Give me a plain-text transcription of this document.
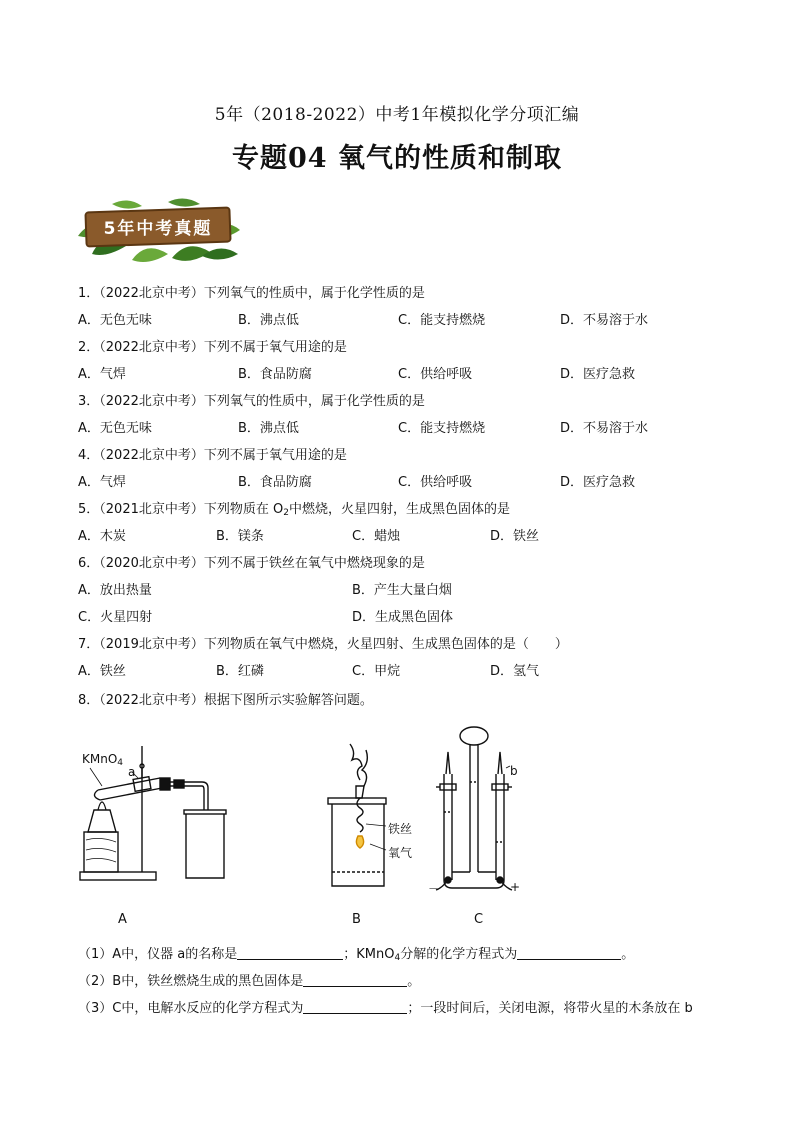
5年（2018-2022）中考1年模拟化学分项汇编
专题04 氧气的性质和制取
5年中考真题
1．（2022北京中考）下列氧气的性质中，属于化学性质的是
A．无色无味	B．沸点低	C．能支持燃烧	D．不易溶于水
2．（2022北京中考）下列不属于氧气用途的是
A．气焊	B．食品防腐	C．供给呼吸	D．医疗急救
3．（2022北京中考）下列氧气的性质中，属于化学性质的是
A．无色无味	B．沸点低	C．能支持燃烧	D．不易溶于水
4．（2022北京中考）下列不属于氧气用途的是
A．气焊	B．食品防腐	C．供给呼吸	D．医疗急救
5．（2021北京中考）下列物质在 $O_2$中燃烧，火星四射，生成黑色固体的是
A．木炭	B．镁条	C．蜡烛	D．铁丝
6．（2020北京中考）下列不属于铁丝在氧气中燃烧现象的是
A．放出热量	B．产生大量白烟
C．火星四射	D．生成黑色固体
7．（2019北京中考）下列物质在氧气中燃烧，火星四射、生成黑色固体的是（　　）
A．铁丝	B．红磷	C．甲烷	D．氢气
8．（2022北京中考）根据下图所示实验解答问题。
KMnO$_4$
a
铁丝
氧气
b
－	+
A	B	C
（1）A中，仪器 a的名称是	；KMnO$_4$分解的化学方程式为	。
（2）B中，铁丝燃烧生成的黑色固体是	。
（3）C中，电解水反应的化学方程式为	；一段时间后，关闭电源，将带火星的木条放在 b
